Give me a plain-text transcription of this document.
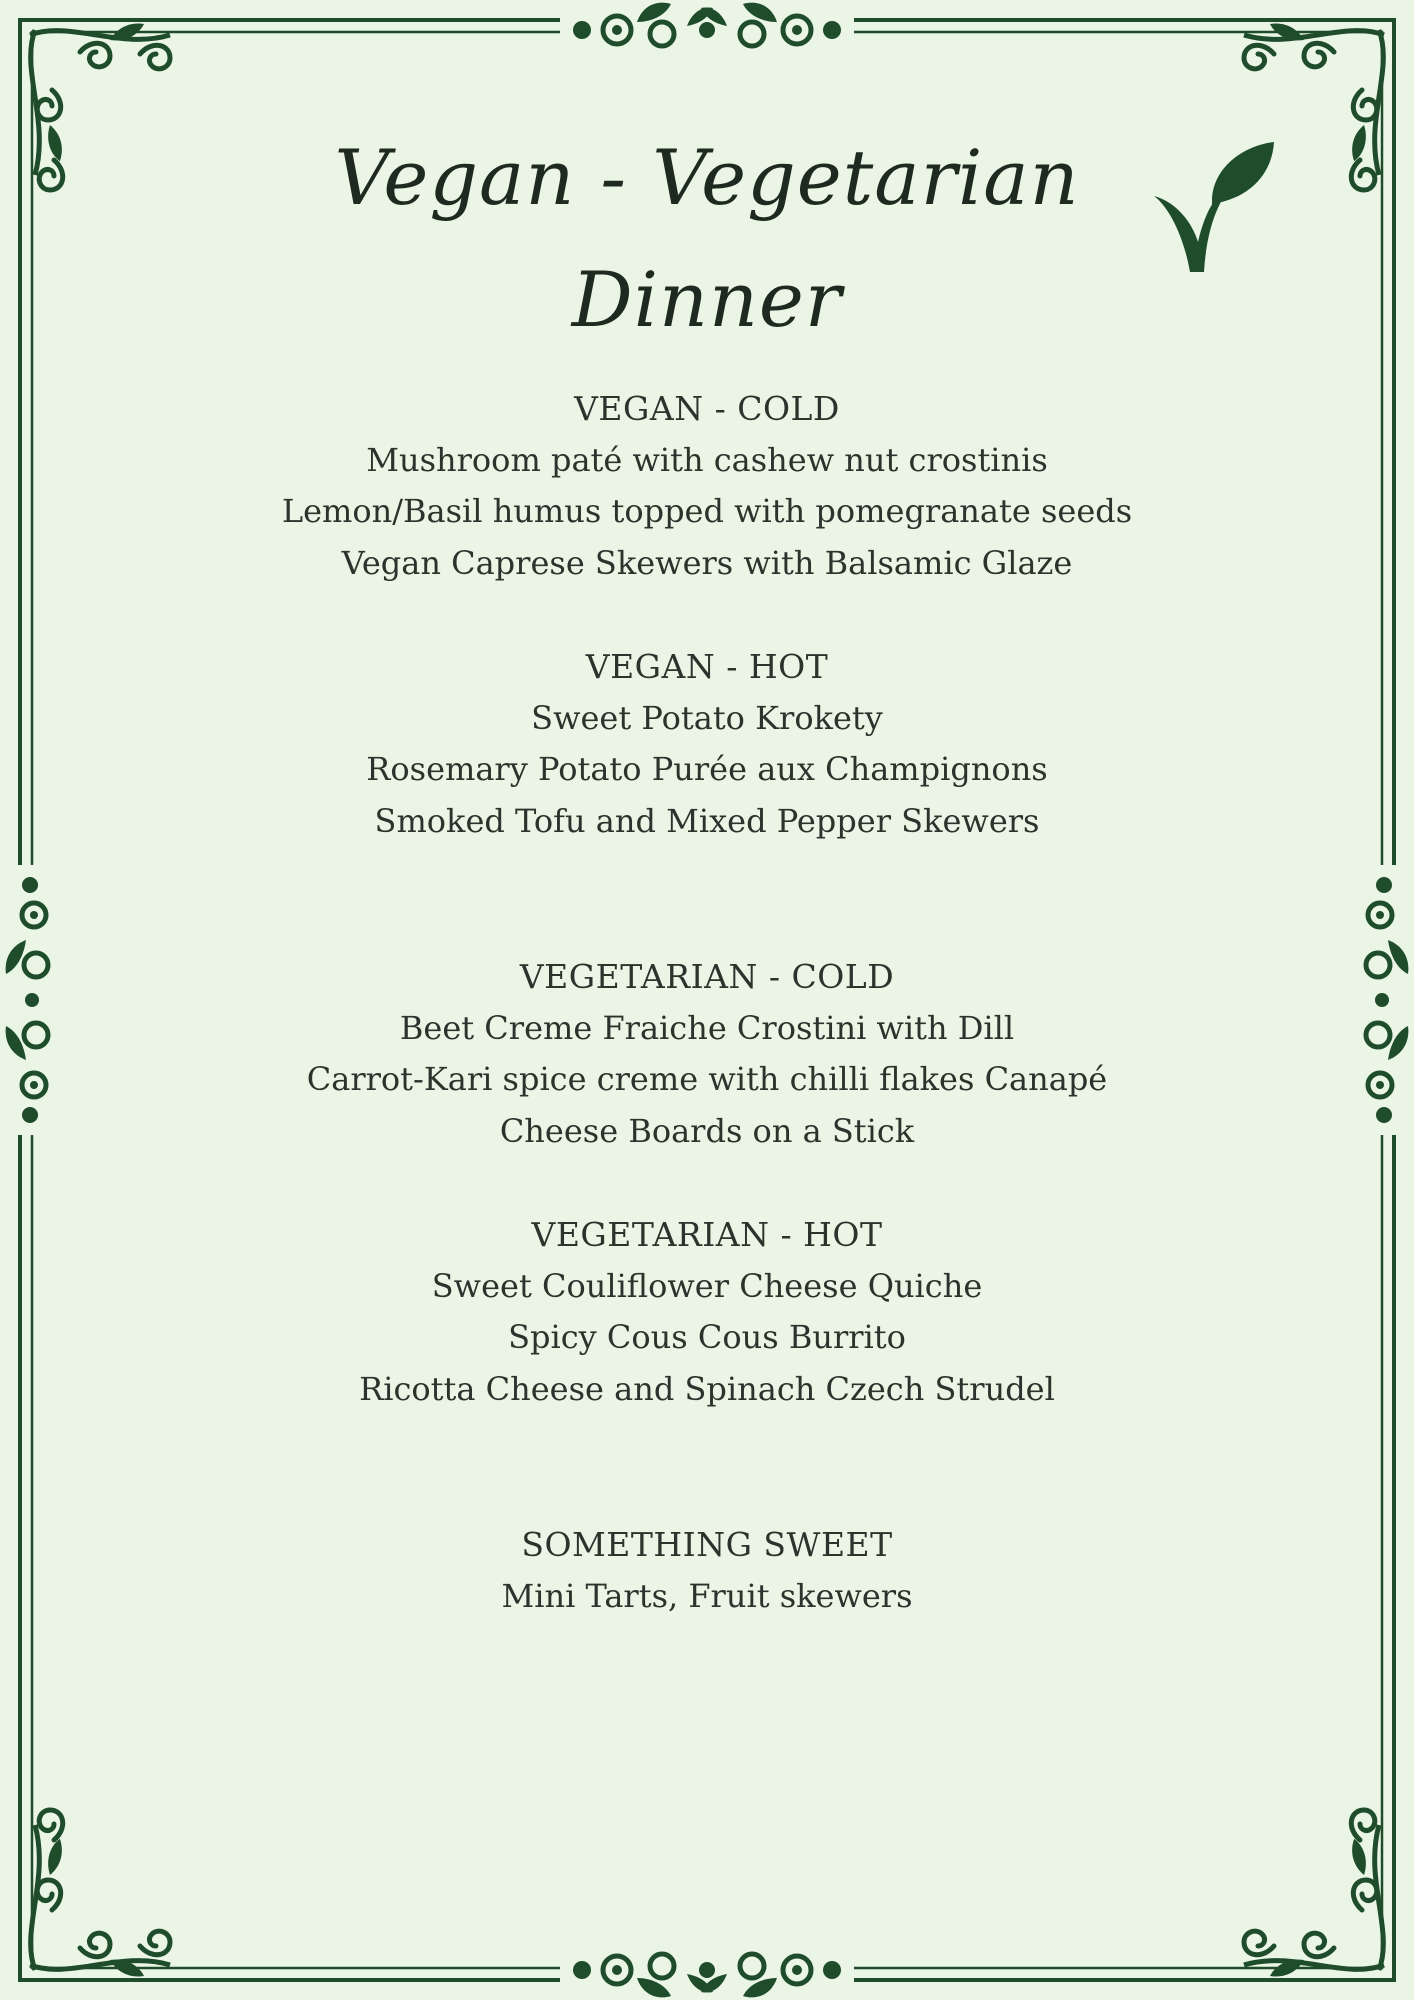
Vegan - Vegetarian
Dinner
VEGAN - COLD
Mushroom paté with cashew nut crostinis
Lemon/Basil humus topped with pomegranate seeds
Vegan Caprese Skewers with Balsamic Glaze
VEGAN - HOT
Sweet Potato Krokety
Rosemary Potato Purée aux Champignons
Smoked Tofu and Mixed Pepper Skewers
VEGETARIAN - COLD
Beet Creme Fraiche Crostini with Dill
Carrot-Kari spice creme with chilli flakes Canapé
Cheese Boards on a Stick
VEGETARIAN - HOT
Sweet Couliflower Cheese Quiche
Spicy Cous Cous Burrito
Ricotta Cheese and Spinach Czech Strudel
SOMETHING SWEET
Mini Tarts, Fruit skewers
